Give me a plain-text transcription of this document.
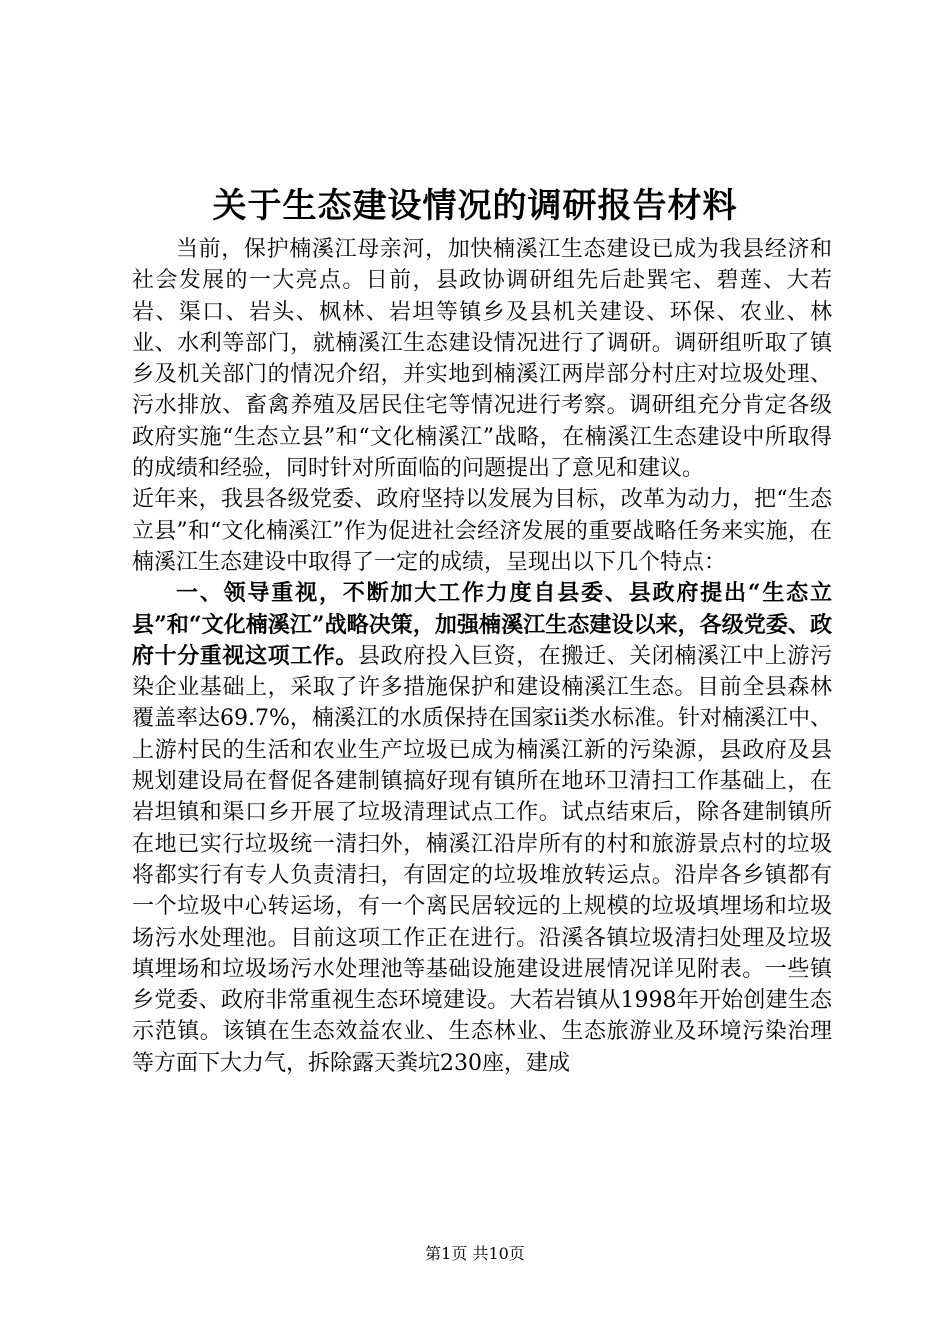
关于生态建设情况的调研报告材料

当前，保护楠溪江母亲河，加快楠溪江生态建设已成为我县经济和社会发展的一大亮点。日前，县政协调研组先后赴巽宅、碧莲、大若岩、渠口、岩头、枫林、岩坦等镇乡及县机关建设、环保、农业、林业、水利等部门，就楠溪江生态建设情况进行了调研。调研组听取了镇乡及机关部门的情况介绍，并实地到楠溪江两岸部分村庄对垃圾处理、污水排放、畜禽养殖及居民住宅等情况进行考察。调研组充分肯定各级政府实施“生态立县”和“文化楠溪江”战略，在楠溪江生态建设中所取得的成绩和经验，同时针对所面临的问题提出了意见和建议。

近年来，我县各级党委、政府坚持以发展为目标，改革为动力，把“生态立县”和“文化楠溪江”作为促进社会经济发展的重要战略任务来实施，在楠溪江生态建设中取得了一定的成绩，呈现出以下几个特点：

一、领导重视，不断加大工作力度自县委、县政府提出“生态立县”和“文化楠溪江”战略决策，加强楠溪江生态建设以来，各级党委、政府十分重视这项工作。县政府投入巨资，在搬迁、关闭楠溪江中上游污染企业基础上，采取了许多措施保护和建设楠溪江生态。目前全县森林覆盖率达69.7%，楠溪江的水质保持在国家ii类水标准。针对楠溪江中、上游村民的生活和农业生产垃圾已成为楠溪江新的污染源，县政府及县规划建设局在督促各建制镇搞好现有镇所在地环卫清扫工作基础上，在岩坦镇和渠口乡开展了垃圾清理试点工作。试点结束后，除各建制镇所在地已实行垃圾统一清扫外，楠溪江沿岸所有的村和旅游景点村的垃圾将都实行有专人负责清扫，有固定的垃圾堆放转运点。沿岸各乡镇都有一个垃圾中心转运场，有一个离民居较远的上规模的垃圾填埋场和垃圾场污水处理池。目前这项工作正在进行。沿溪各镇垃圾清扫处理及垃圾填埋场和垃圾场污水处理池等基础设施建设进展情况详见附表。一些镇乡党委、政府非常重视生态环境建设。大若岩镇从1998年开始创建生态示范镇。该镇在生态效益农业、生态林业、生态旅游业及环境污染治理等方面下大力气，拆除露天粪坑230座，建成

第1页 共10页
